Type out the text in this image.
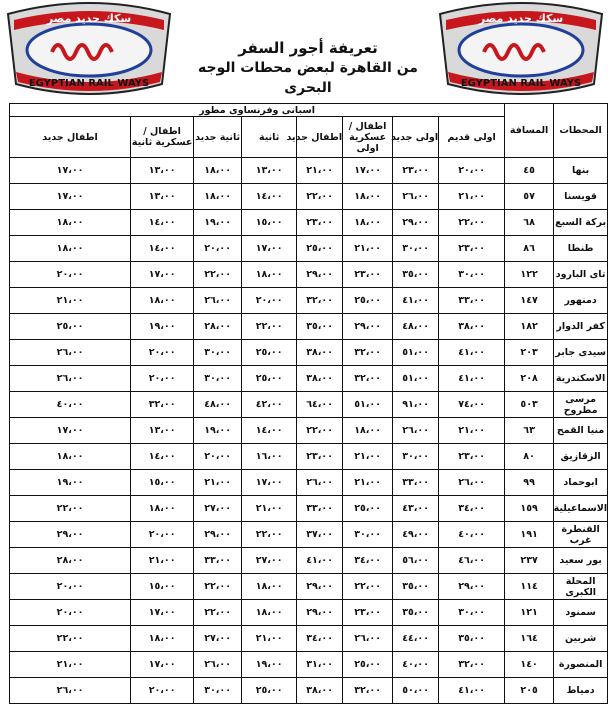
سكك حديد مصر
EGYPTIAN RAIL WAYS
سكك حديد مصر
EGYPTIAN RAIL WAYS
تعريفة أجور السفر
من القاهرة لبعض محطات الوجه البحرى
المحطات	المسافة	اسبانى وفرنساوى مطور							
		اولى قديم	اولى جديد	اطفال /عسكرية اولى	اطفال جديد	ثانية	ثانية جديد	اطفال /عسكرية ثانية	اطفال جديد
بنها	٤٥	٢٠،٠٠	٢٣،٠٠	١٧،٠٠	٢١،٠٠	١٣،٠٠	١٨،٠٠	١٣،٠٠	١٧،٠٠
قويسنا	٥٧	٢١،٠٠	٢٦،٠٠	١٨،٠٠	٢٢،٠٠	١٤،٠٠	١٨،٠٠	١٣،٠٠	١٧،٠٠
بركة السبع	٦٨	٢٢،٠٠	٢٩،٠٠	١٨،٠٠	٢٣،٠٠	١٥،٠٠	١٩،٠٠	١٤،٠٠	١٨،٠٠
طنطا	٨٦	٢٣،٠٠	٣٠،٠٠	٢١،٠٠	٢٥،٠٠	١٧،٠٠	٢٠،٠٠	١٤،٠٠	١٨،٠٠
تاى البارود	١٢٢	٣٠،٠٠	٣٥،٠٠	٢٣،٠٠	٢٩،٠٠	١٨،٠٠	٢٢،٠٠	١٧،٠٠	٢٠،٠٠
دمنهور	١٤٧	٣٣،٠٠	٤١،٠٠	٢٥،٠٠	٣٢،٠٠	٢٠،٠٠	٢٦،٠٠	١٨،٠٠	٢١،٠٠
كفر الدوار	١٨٢	٣٨،٠٠	٤٨،٠٠	٢٩،٠٠	٣٥،٠٠	٢٢،٠٠	٢٨،٠٠	١٩،٠٠	٢٥،٠٠
سيدى جابر	٢٠٣	٤١،٠٠	٥١،٠٠	٣٢،٠٠	٣٨،٠٠	٢٥،٠٠	٣٠،٠٠	٢٠،٠٠	٢٦،٠٠
الاسكندرية	٢٠٨	٤١،٠٠	٥١،٠٠	٣٢،٠٠	٣٨،٠٠	٢٥،٠٠	٣٠،٠٠	٢٠،٠٠	٢٦،٠٠
مرسى مطروح	٥٠٣	٧٤،٠٠	٩١،٠٠	٥١،٠٠	٦٤،٠٠	٤٢،٠٠	٤٨،٠٠	٣٢،٠٠	٤٠،٠٠
منيا القمح	٦٣	٢١،٠٠	٢٦،٠٠	١٨،٠٠	٢٢،٠٠	١٤،٠٠	١٩،٠٠	١٣،٠٠	١٧،٠٠
الزقازيق	٨٠	٢٣،٠٠	٣٠،٠٠	٢١،٠٠	٢٣،٠٠	١٦،٠٠	٢٠،٠٠	١٤،٠٠	١٨،٠٠
ابوحماد	٩٩	٢٦،٠٠	٣٣،٠٠	٢١،٠٠	٢٦،٠٠	١٧،٠٠	٢١،٠٠	١٥،٠٠	١٩،٠٠
الاسماعيلية	١٥٩	٣٤،٠٠	٤٣،٠٠	٢٥،٠٠	٣٣،٠٠	٢١،٠٠	٢٧،٠٠	١٨،٠٠	٢٢،٠٠
القنطرة غرب	١٩١	٤٠،٠٠	٤٩،٠٠	٣٠،٠٠	٣٧،٠٠	٢٢،٠٠	٢٩،٠٠	٢٠،٠٠	٢٩،٠٠
بور سعيد	٢٣٧	٤٦،٠٠	٥٦،٠٠	٣٤،٠٠	٤١،٠٠	٢٧،٠٠	٣٣،٠٠	٢١،٠٠	٢٨،٠٠
المحلة الكبرى	١١٤	٢٩،٠٠	٣٥،٠٠	٢٢،٠٠	٢٩،٠٠	١٨،٠٠	٢٢،٠٠	١٥،٠٠	٢٠،٠٠
سمنود	١٢١	٣٠،٠٠	٣٥،٠٠	٢٣،٠٠	٢٩،٠٠	١٨،٠٠	٢٢،٠٠	١٧،٠٠	٢٠،٠٠
شربين	١٦٤	٣٥،٠٠	٤٤،٠٠	٢٦،٠٠	٣٤،٠٠	٢١،٠٠	٢٧،٠٠	١٨،٠٠	٢٢،٠٠
المنصورة	١٤٠	٣٢،٠٠	٤٠،٠٠	٢٥،٠٠	٣١،٠٠	١٩،٠٠	٢٦،٠٠	١٧،٠٠	٢١،٠٠
دمياط	٢٠٥	٤١،٠٠	٥٠،٠٠	٣٢،٠٠	٣٨،٠٠	٢٥،٠٠	٣٠،٠٠	٢٠،٠٠	٢٦،٠٠
